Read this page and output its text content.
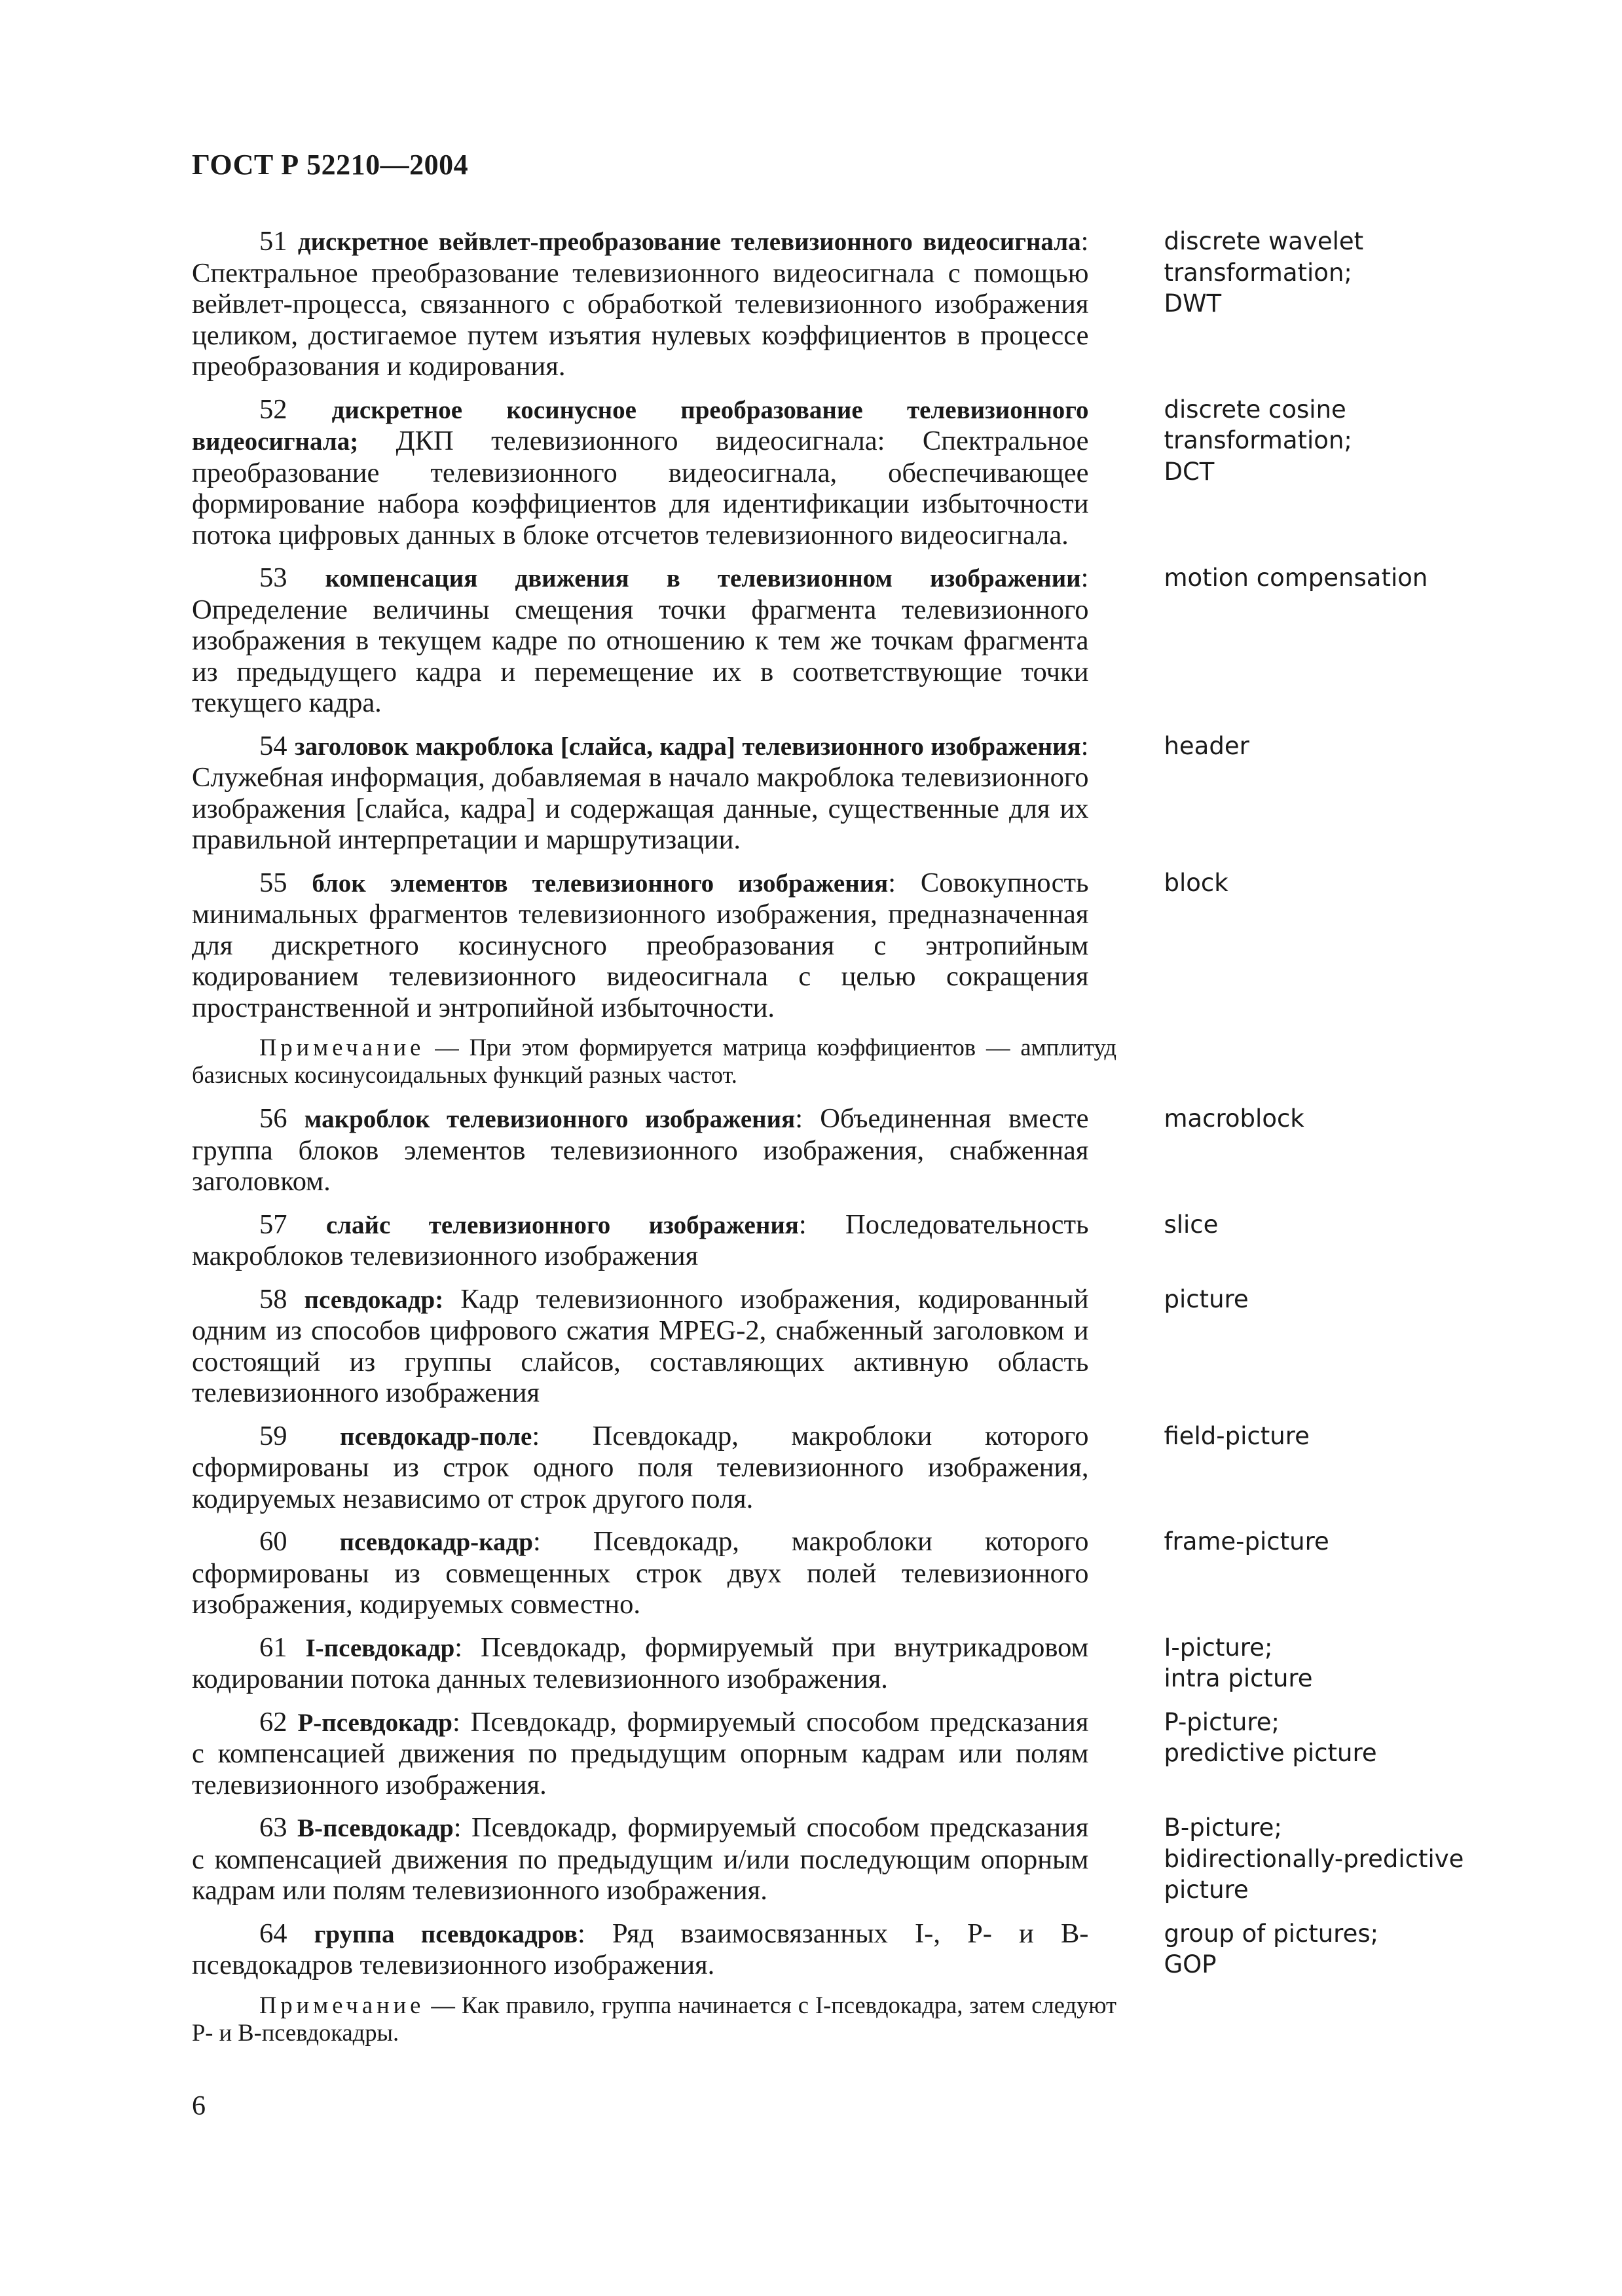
ГОСТ Р 52210—2004
51 дискретное вейвлет-преобразование телевизионного видеосигнала: Спектральное преобразование телевизионного видеосигнала с помощью вейвлет-процесса, связанного с обработкой телевизионного изображения целиком, достигаемое путем изъятия нулевых коэффициентов в процессе преобразования и кодирования.
discrete wavelet
transformation;
DWT
52 дискретное косинусное преобразование телевизионного видеосигнала; ДКП телевизионного видеосигнала: Спектральное преобразование телевизионного видеосигнала, обеспечивающее формирование набора коэффициентов для идентификации избыточности потока цифровых данных в блоке отсчетов телевизионного видеосигнала.
discrete cosine
transformation;
DCT
53 компенсация движения в телевизионном изображении: Определение величины смещения точки фрагмента телевизионного изображения в текущем кадре по отношению к тем же точкам фрагмента из предыдущего кадра и перемещение их в соответствующие точки текущего кадра.
motion compensation
54 заголовок макроблока [слайса, кадра] телевизионного изображения: Служебная информация, добавляемая в начало макроблока телевизионного изображения [слайса, кадра] и содержащая данные, существенные для их правильной интерпретации и маршрутизации.
header
55 блок элементов телевизионного изображения: Совокупность минимальных фрагментов телевизионного изображения, предназначенная для дискретного косинусного преобразования с энтропийным кодированием телевизионного видеосигнала с целью сокращения пространственной и энтропийной избыточности.
block
Примечание — При этом формируется матрица коэффициентов — амплитуд базисных косинусоидальных функций разных частот.
56 макроблок телевизионного изображения: Объединенная вместе группа блоков элементов телевизионного изображения, снабженная заголовком.
macroblock
57 слайс телевизионного изображения: Последовательность макроблоков телевизионного изображения
slice
58 псевдокадр: Кадр телевизионного изображения, кодированный одним из способов цифрового сжатия MPEG-2, снабженный заголовком и состоящий из группы слайсов, составляющих активную область телевизионного изображения
picture
59 псевдокадр-поле: Псевдокадр, макроблоки которого сформированы из строк одного поля телевизионного изображения, кодируемых независимо от строк другого поля.
field-picture
60 псевдокадр-кадр: Псевдокадр, макроблоки которого сформированы из совмещенных строк двух полей телевизионного изображения, кодируемых совместно.
frame-picture
61 I-псевдокадр: Псевдокадр, формируемый при внутрикадровом кодировании потока данных телевизионного изображения.
I-picture;
intra picture
62 P-псевдокадр: Псевдокадр, формируемый способом предсказания с компенсацией движения по предыдущим опорным кадрам или полям телевизионного изображения.
P-picture;
predictive picture
63 B-псевдокадр: Псевдокадр, формируемый способом предсказания с компенсацией движения по предыдущим и/или последующим опорным кадрам или полям телевизионного изображения.
B-picture;
bidirectionally-predictive
picture
64 группа псевдокадров: Ряд взаимосвязанных I-, P- и B-псевдокадров телевизионного изображения.
group of pictures;
GOP
Примечание — Как правило, группа начинается с I-псевдокадра, затем следуют P- и B-псевдокадры.
6
